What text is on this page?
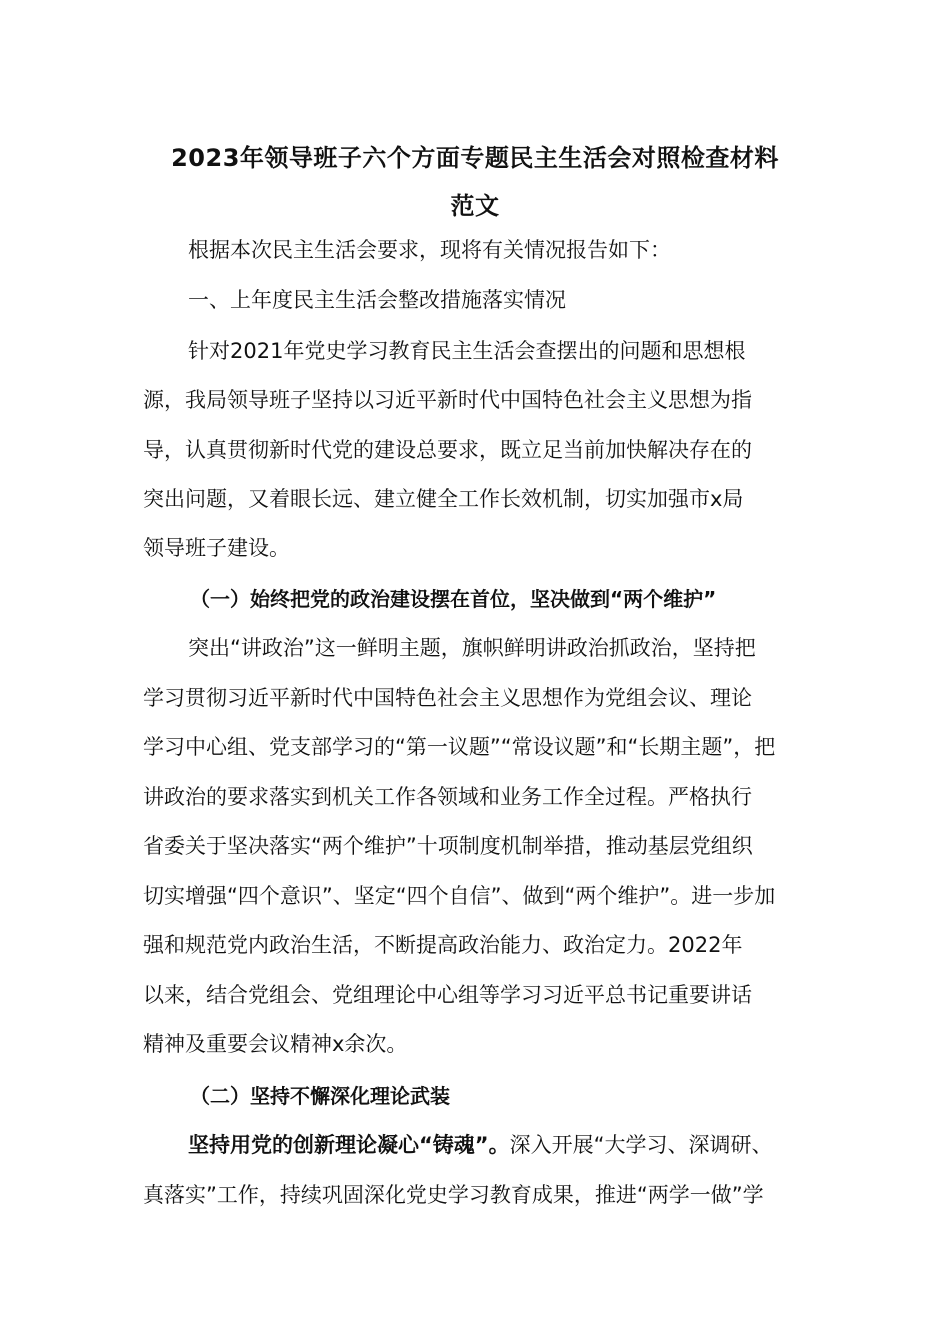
2023年领导班子六个方面专题民主生活会对照检查材料
范文
根据本次民主生活会要求，现将有关情况报告如下：
一、上年度民主生活会整改措施落实情况
针对2021年党史学习教育民主生活会查摆出的问题和思想根
源，我局领导班子坚持以习近平新时代中国特色社会主义思想为指
导，认真贯彻新时代党的建设总要求，既立足当前加快解决存在的
突出问题，又着眼长远、建立健全工作长效机制，切实加强市x局
领导班子建设。
（一）始终把党的政治建设摆在首位，坚决做到“两个维护”
突出“讲政治”这一鲜明主题，旗帜鲜明讲政治抓政治，坚持把
学习贯彻习近平新时代中国特色社会主义思想作为党组会议、理论
学习中心组、党支部学习的“第一议题”“常设议题”和“长期主题”，把
讲政治的要求落实到机关工作各领域和业务工作全过程。严格执行
省委关于坚决落实“两个维护”十项制度机制举措，推动基层党组织
切实增强“四个意识”、坚定“四个自信”、做到“两个维护”。进一步加
强和规范党内政治生活，不断提高政治能力、政治定力。2022年
以来，结合党组会、党组理论中心组等学习习近平总书记重要讲话
精神及重要会议精神x余次。
（二）坚持不懈深化理论武装
坚持用党的创新理论凝心“铸魂”。深入开展“大学习、深调研、
真落实”工作，持续巩固深化党史学习教育成果，推进“两学一做”学
